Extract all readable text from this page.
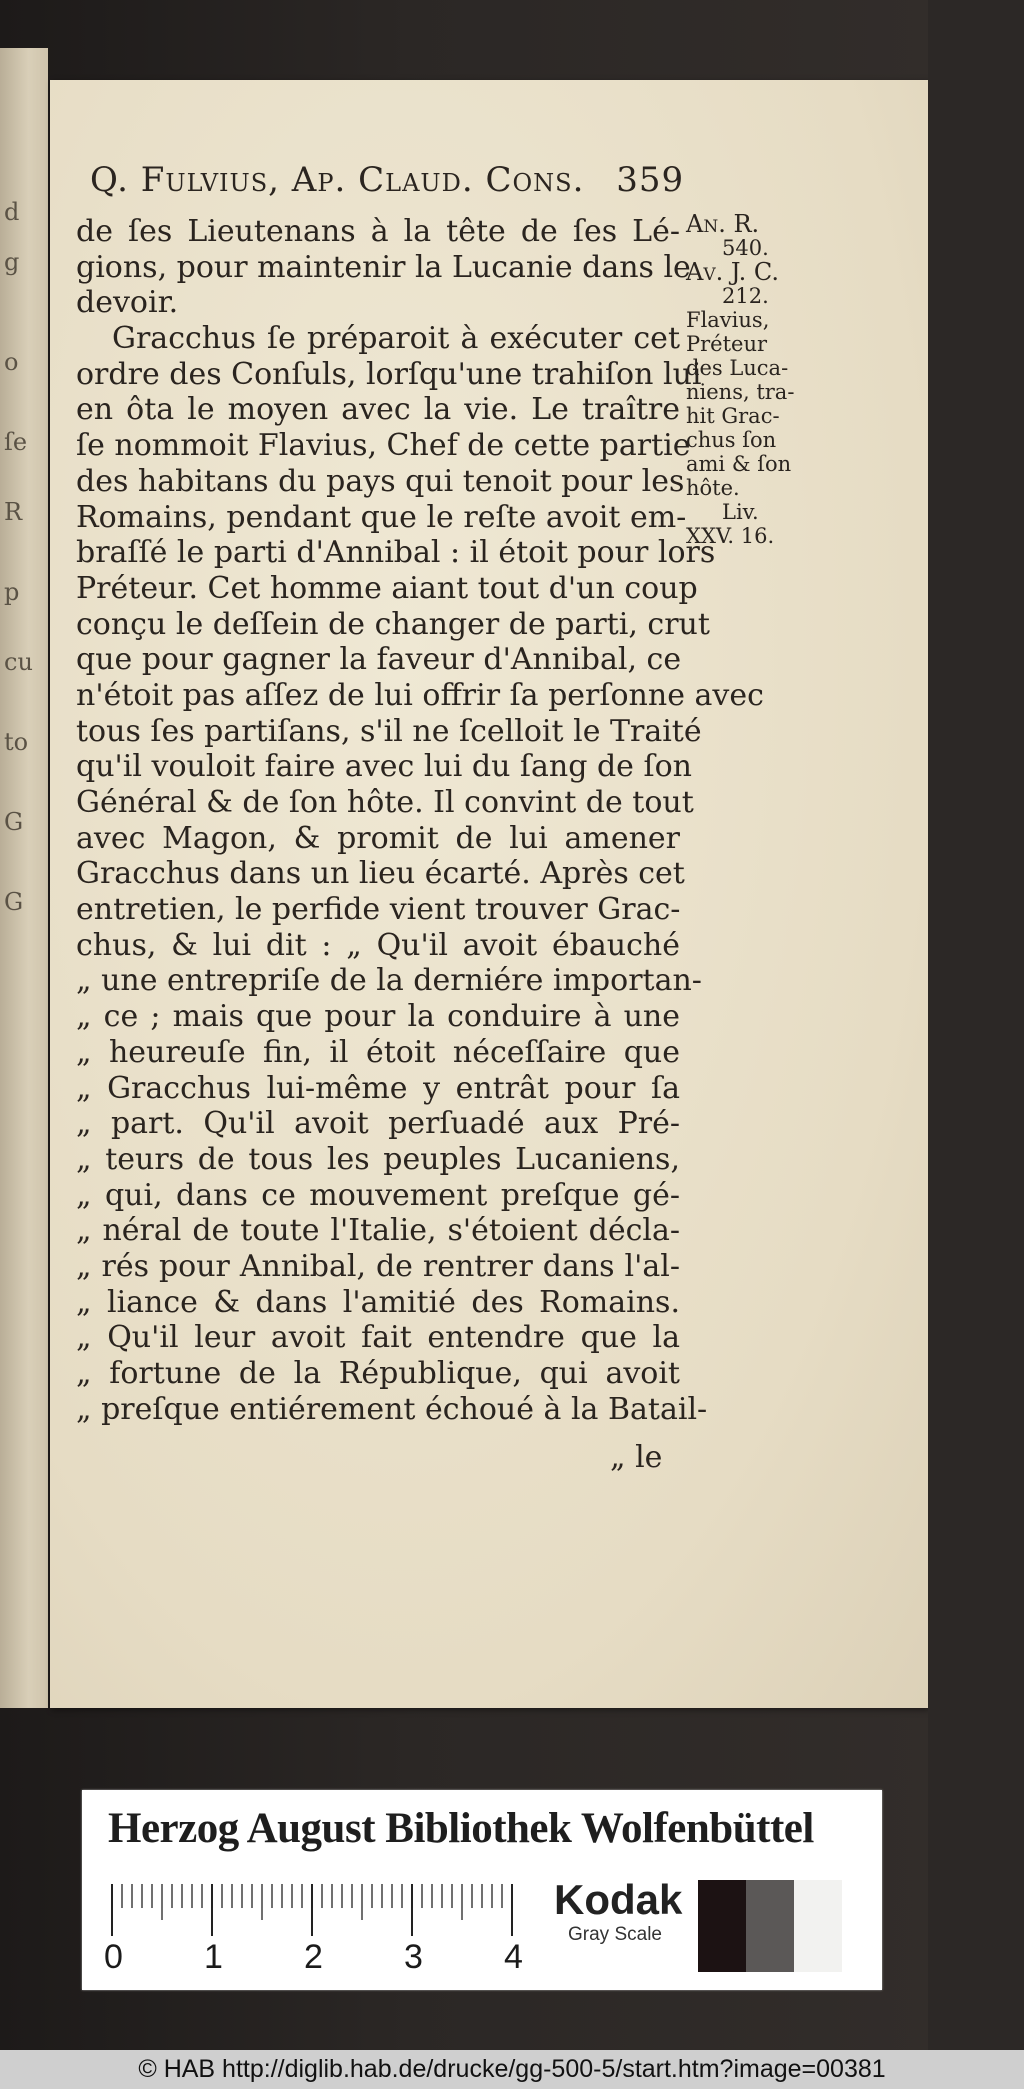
d
g
o
ſe
R
p
cu
to
G
G
Q. Fulvius, Ap. Claud. Cons. 359
de ſes Lieutenans à la tête de ſes Lé-
gions, pour maintenir la Lucanie dans le
devoir.
Gracchus ſe préparoit à exécuter cet
ordre des Conſuls, lorſqu'une trahiſon lui
en ôta le moyen avec la vie. Le traître
ſe nommoit Flavius, Chef de cette partie
des habitans du pays qui tenoit pour les
Romains, pendant que le reſte avoit em-
braſſé le parti d'Annibal : il étoit pour lors
Préteur. Cet homme aiant tout d'un coup
conçu le deſſein de changer de parti, crut
que pour gagner la faveur d'Annibal, ce
n'étoit pas aſſez de lui offrir ſa perſonne avec
tous ſes partiſans, s'il ne ſcelloit le Traité
qu'il vouloit faire avec lui du ſang de ſon
Général & de ſon hôte. Il convint de tout
avec Magon, & promit de lui amener
Gracchus dans un lieu écarté. Après cet
entretien, le perfide vient trouver Grac-
chus, & lui dit : „ Qu'il avoit ébauché
„ une entrepriſe de la derniére importan-
„ ce ; mais que pour la conduire à une
„ heureuſe fin, il étoit néceſſaire que
„ Gracchus lui-même y entrât pour ſa
„ part. Qu'il avoit perſuadé aux Pré-
„ teurs de tous les peuples Lucaniens,
„ qui, dans ce mouvement preſque gé-
„ néral de toute l'Italie, s'étoient décla-
„ rés pour Annibal, de rentrer dans l'al-
„ liance & dans l'amitié des Romains.
„ Qu'il leur avoit fait entendre que la
„ fortune de la République, qui avoit
„ preſque entiérement échoué à la Batail-
An. R.
540.
Av. J. C.
212.
Flavius,
Préteur
des Luca-
niens, tra-
hit Grac-
chus ſon
ami & ſon
hôte.
Liv.
XXV. 16.
„ le
Herzog August Bibliothek Wolfenbüttel
0 1 2 3 4
Kodak
Gray Scale
© HAB http://diglib.hab.de/drucke/gg-500-5/start.htm?image=00381
